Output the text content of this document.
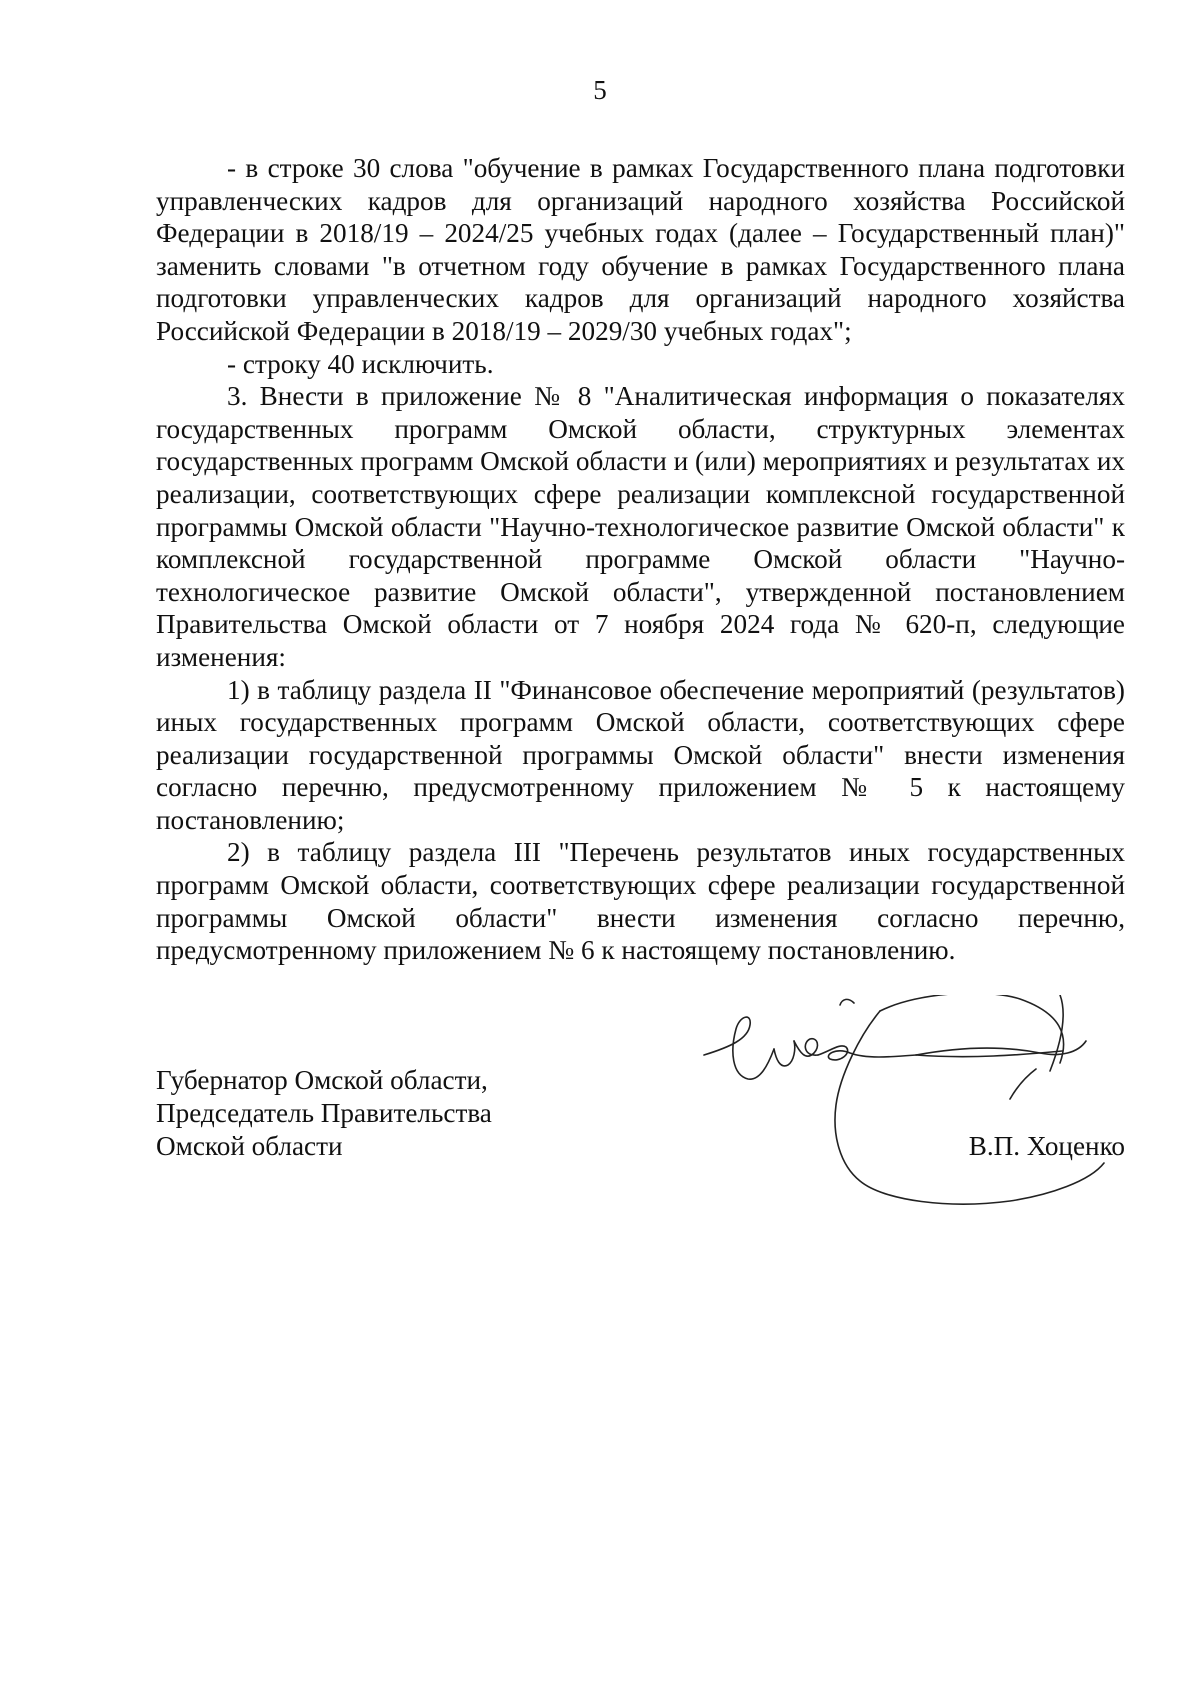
5

- в строке 30 слова "обучение в рамках Государственного плана подготовки управленческих кадров для организаций народного хозяйства Российской Федерации в 2018/19 – 2024/25 учебных годах (далее – Государственный план)" заменить словами "в отчетном году обучение в рамках Государственного плана подготовки управленческих кадров для организаций народного хозяйства Российской Федерации в 2018/19 – 2029/30 учебных годах";

- строку 40 исключить.

3. Внести в приложение № 8 "Аналитическая информация о показателях государственных программ Омской области, структурных элементах государственных программ Омской области и (или) мероприятиях и результатах их реализации, соответствующих сфере реализации комплексной государственной программы Омской области "Научно-технологическое развитие Омской области" к комплексной государственной программе Омской области "Научно-технологическое развитие Омской области", утвержденной постановлением Правительства Омской области от 7 ноября 2024 года № 620-п, следующие изменения:

1) в таблицу раздела II "Финансовое обеспечение мероприятий (результатов) иных государственных программ Омской области, соответствующих сфере реализации государственной программы Омской области" внести изменения согласно перечню, предусмотренному приложением № 5 к настоящему постановлению;

2) в таблицу раздела III "Перечень результатов иных государственных программ Омской области, соответствующих сфере реализации государственной программы Омской области" внести изменения согласно перечню, предусмотренному приложением № 6 к настоящему постановлению.

Губернатор Омской области,
Председатель Правительства
Омской области	В.П. Хоценко
